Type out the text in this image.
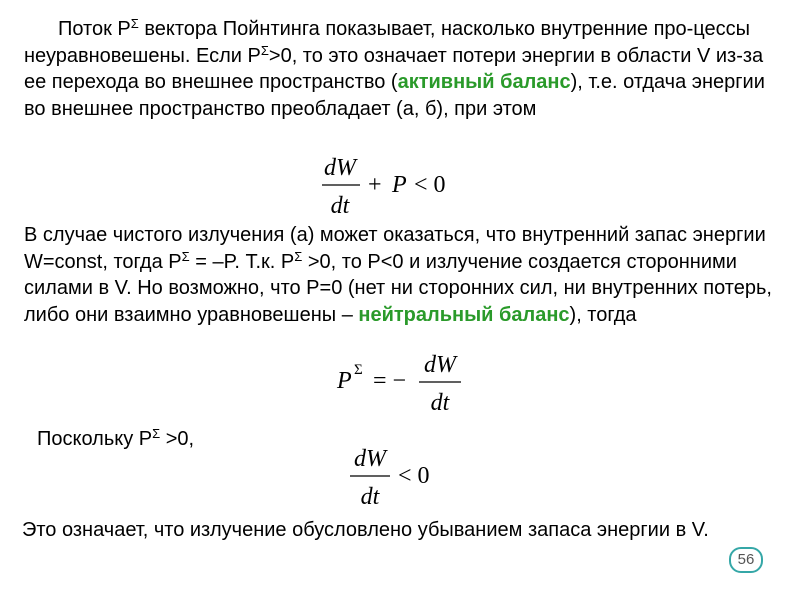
Поток $P^\Sigma$ вектора Пойнтинга показывает, насколько внутренние про-цессы неуравновешены. Если $P^\Sigma>0$, то это означает потери энергии в области V из-за ее перехода во внешнее пространство (активный баланс), т.е. отдача энергии во внешнее пространство преобладает (а, б), при этом

dW
dt
+ P < 0

В случае чистого излучения (а) может оказаться, что внутренний запас энергии W=const, тогда $P^\Sigma = -P$. Т.к. $P^\Sigma >0$, то P<0 и излучение создается сторонними силами в V. Но возможно, что P=0 (нет ни сторонних сил, ни внутренних потерь, либо они взаимно уравновешены – нейтральный баланс), тогда

P Σ = −
dW
dt

Поскольку $P^\Sigma >0$,

dW
dt
< 0

Это означает, что излучение обусловлено убыванием запаса энергии в V.

56
